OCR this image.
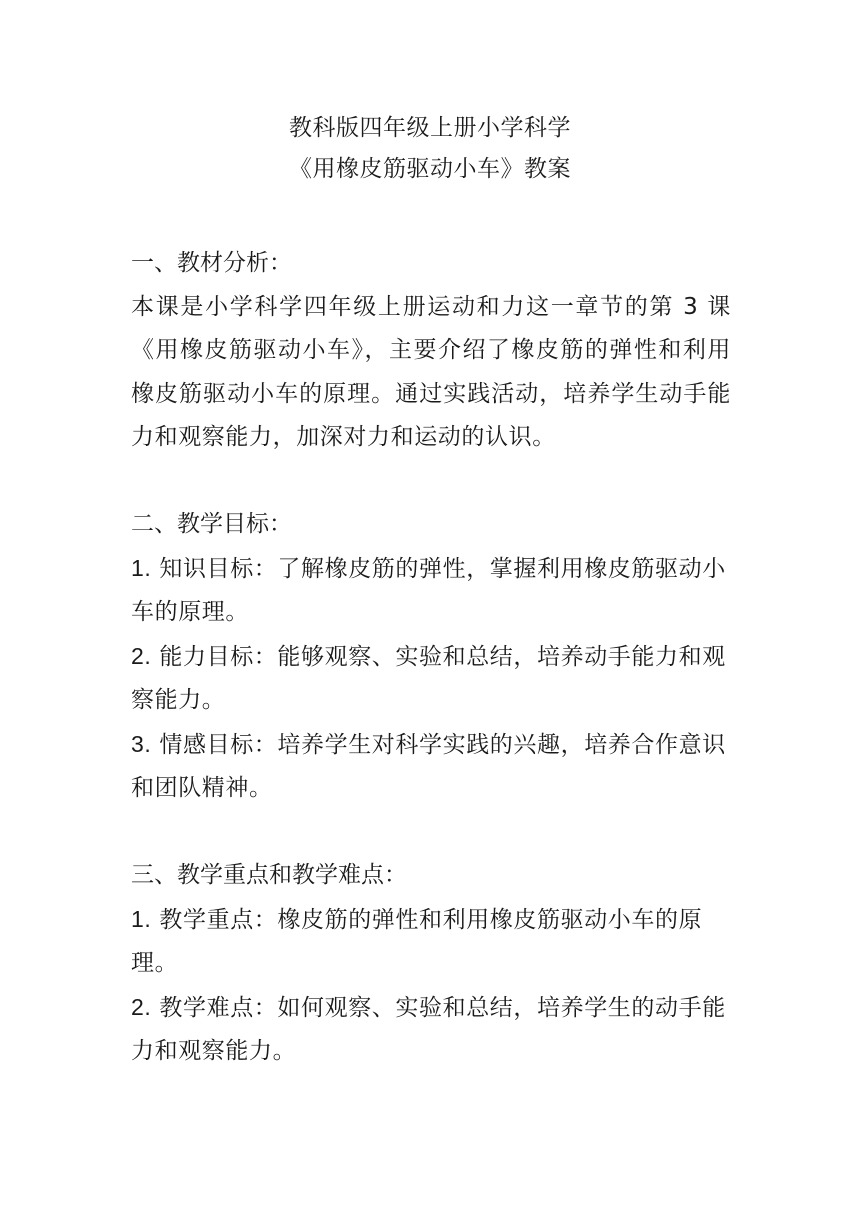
教科版四年级上册小学科学
《用橡皮筋驱动小车》教案
一、教材分析：
本课是小学科学四年级上册运动和力这一章节的第 3 课《用橡皮筋驱动小车》，主要介绍了橡皮筋的弹性和利用橡皮筋驱动小车的原理。通过实践活动，培养学生动手能力和观察能力，加深对力和运动的认识。
二、教学目标：
1. 知识目标：了解橡皮筋的弹性，掌握利用橡皮筋驱动小车的原理。
2. 能力目标：能够观察、实验和总结，培养动手能力和观察能力。
3. 情感目标：培养学生对科学实践的兴趣，培养合作意识和团队精神。
三、教学重点和教学难点：
1. 教学重点：橡皮筋的弹性和利用橡皮筋驱动小车的原理。
2. 教学难点：如何观察、实验和总结，培养学生的动手能力和观察能力。
